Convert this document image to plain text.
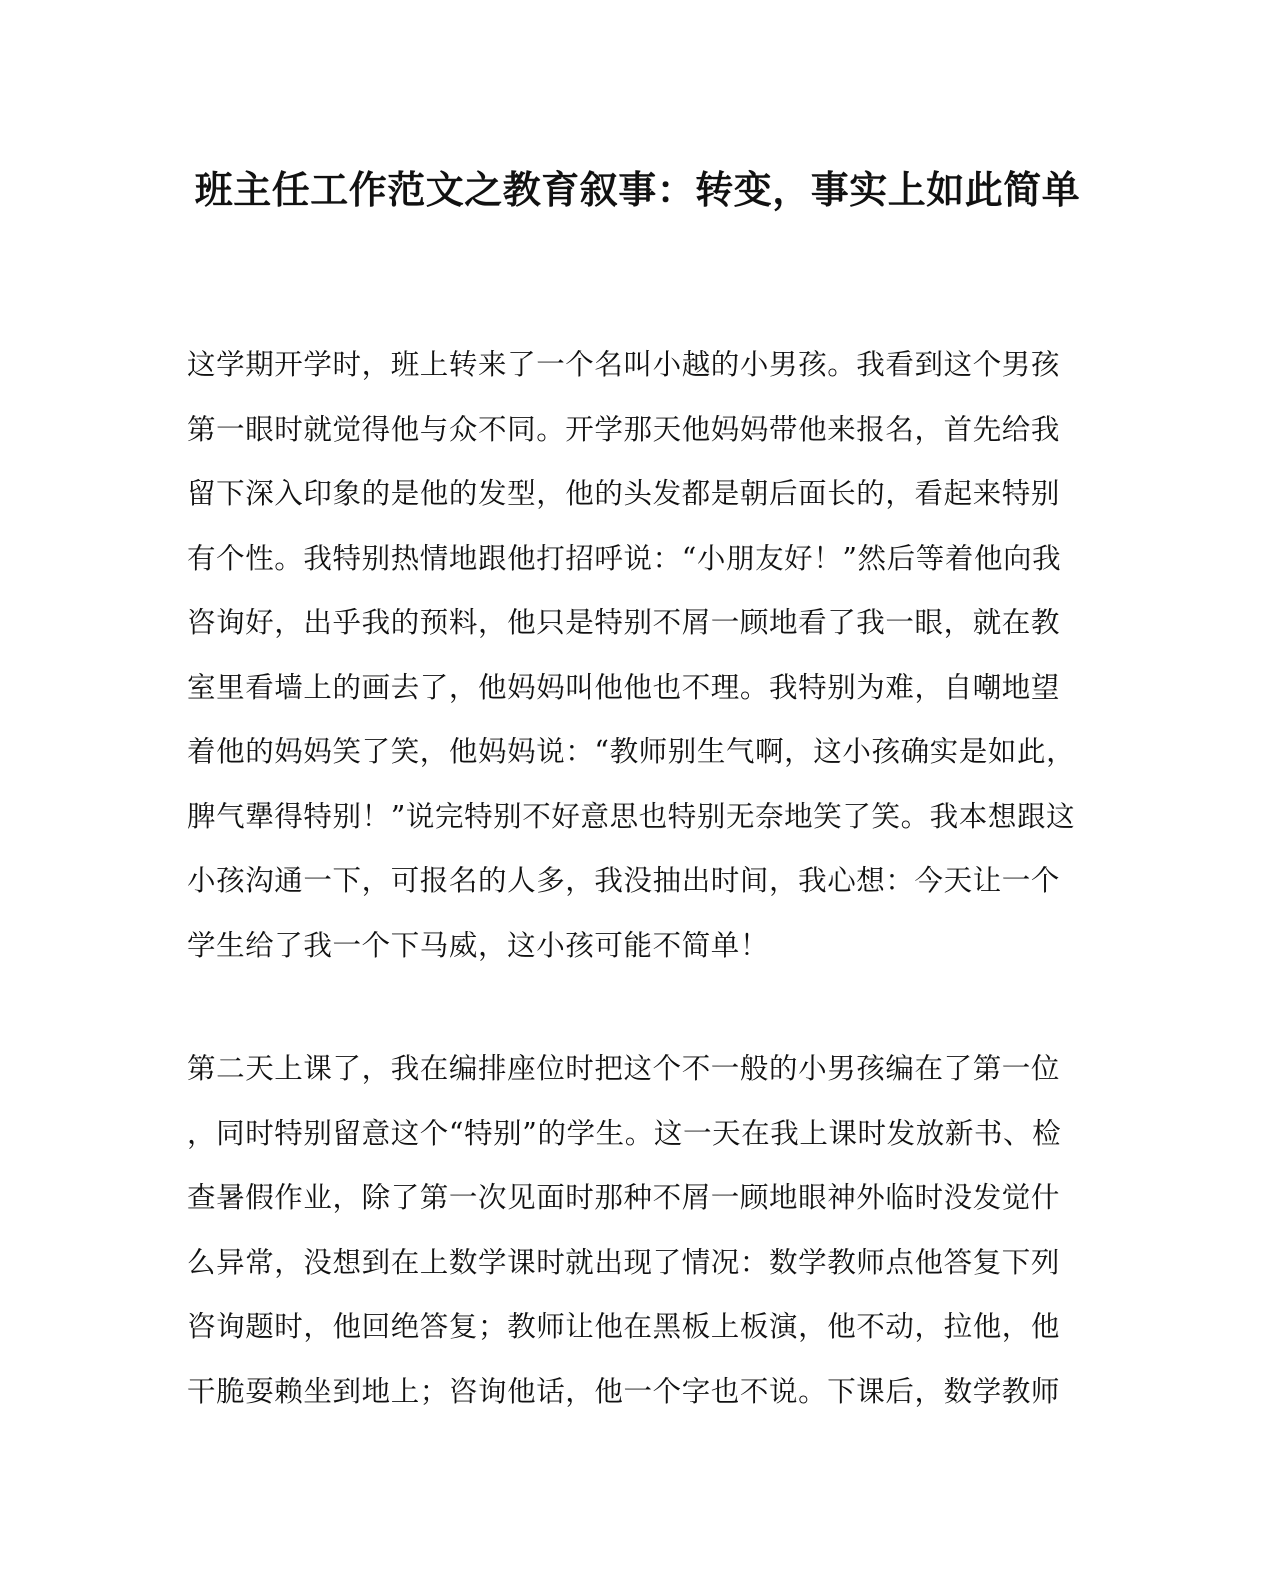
班主任工作范文之教育叙事：转变，事实上如此简单
这学期开学时，班上转来了一个名叫小越的小男孩。我看到这个男孩
第一眼时就觉得他与众不同。开学那天他妈妈带他来报名，首先给我
留下深入印象的是他的发型，他的头发都是朝后面长的，看起来特别
有个性。我特别热情地跟他打招呼说：“小朋友好！”然后等着他向我
咨询好，出乎我的预料，他只是特别不屑一顾地看了我一眼，就在教
室里看墙上的画去了，他妈妈叫他他也不理。我特别为难，自嘲地望
着他的妈妈笑了笑，他妈妈说：“教师别生气啊，这小孩确实是如此，
脾气犟得特别！”说完特别不好意思也特别无奈地笑了笑。我本想跟这
小孩沟通一下，可报名的人多，我没抽出时间，我心想：今天让一个
学生给了我一个下马威，这小孩可能不简单！
第二天上课了，我在编排座位时把这个不一般的小男孩编在了第一位
，同时特别留意这个“特别”的学生。这一天在我上课时发放新书、检
查暑假作业，除了第一次见面时那种不屑一顾地眼神外临时没发觉什
么异常，没想到在上数学课时就出现了情况：数学教师点他答复下列
咨询题时，他回绝答复；教师让他在黑板上板演，他不动，拉他，他
干脆耍赖坐到地上；咨询他话，他一个字也不说。下课后，数学教师
